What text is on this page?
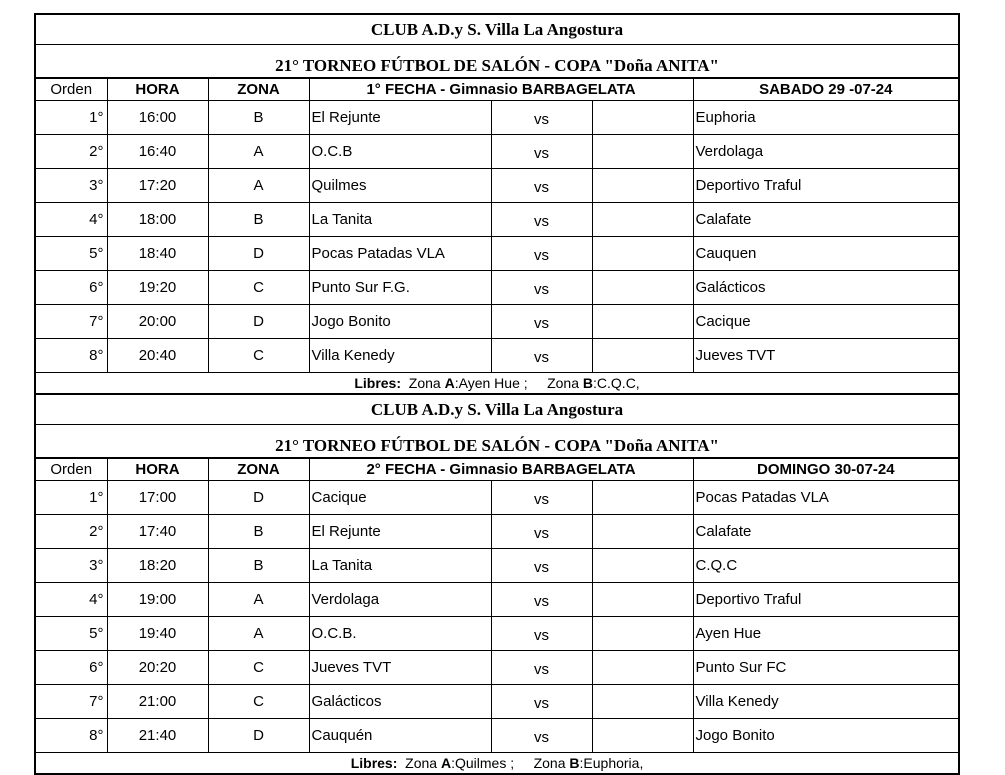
CLUB A.D.y S. Villa La Angostura						
21° TORNEO FÚTBOL DE SALÓN - COPA "Doña ANITA"						
Orden	HORA	ZONA	1° FECHA - Gimnasio BARBAGELATA			SABADO 29 -07-24
1°	16:00	B	El Rejunte	vs		Euphoria
2°	16:40	A	O.C.B	vs		Verdolaga
3°	17:20	A	Quilmes	vs		Deportivo Traful
4°	18:00	B	La Tanita	vs		Calafate
5°	18:40	D	Pocas Patadas VLA	vs		Cauquen
6°	19:20	C	Punto Sur F.G.	vs		Galácticos
7°	20:00	D	Jogo Bonito	vs		Cacique
8°	20:40	C	Villa Kenedy	vs		Jueves TVT
Libres: Zona A:Ayen Hue ; Zona B:C.Q.C,						
CLUB A.D.y S. Villa La Angostura						
21° TORNEO FÚTBOL DE SALÓN - COPA "Doña ANITA"						
Orden	HORA	ZONA	2° FECHA - Gimnasio BARBAGELATA			DOMINGO 30-07-24
1°	17:00	D	Cacique	vs		Pocas Patadas VLA
2°	17:40	B	El Rejunte	vs		Calafate
3°	18:20	B	La Tanita	vs		C.Q.C
4°	19:00	A	Verdolaga	vs		Deportivo Traful
5°	19:40	A	O.C.B.	vs		Ayen Hue
6°	20:20	C	Jueves TVT	vs		Punto Sur FC
7°	21:00	C	Galácticos	vs		Villa Kenedy
8°	21:40	D	Cauquén	vs		Jogo Bonito
Libres: Zona A:Quilmes ; Zona B:Euphoria,						
